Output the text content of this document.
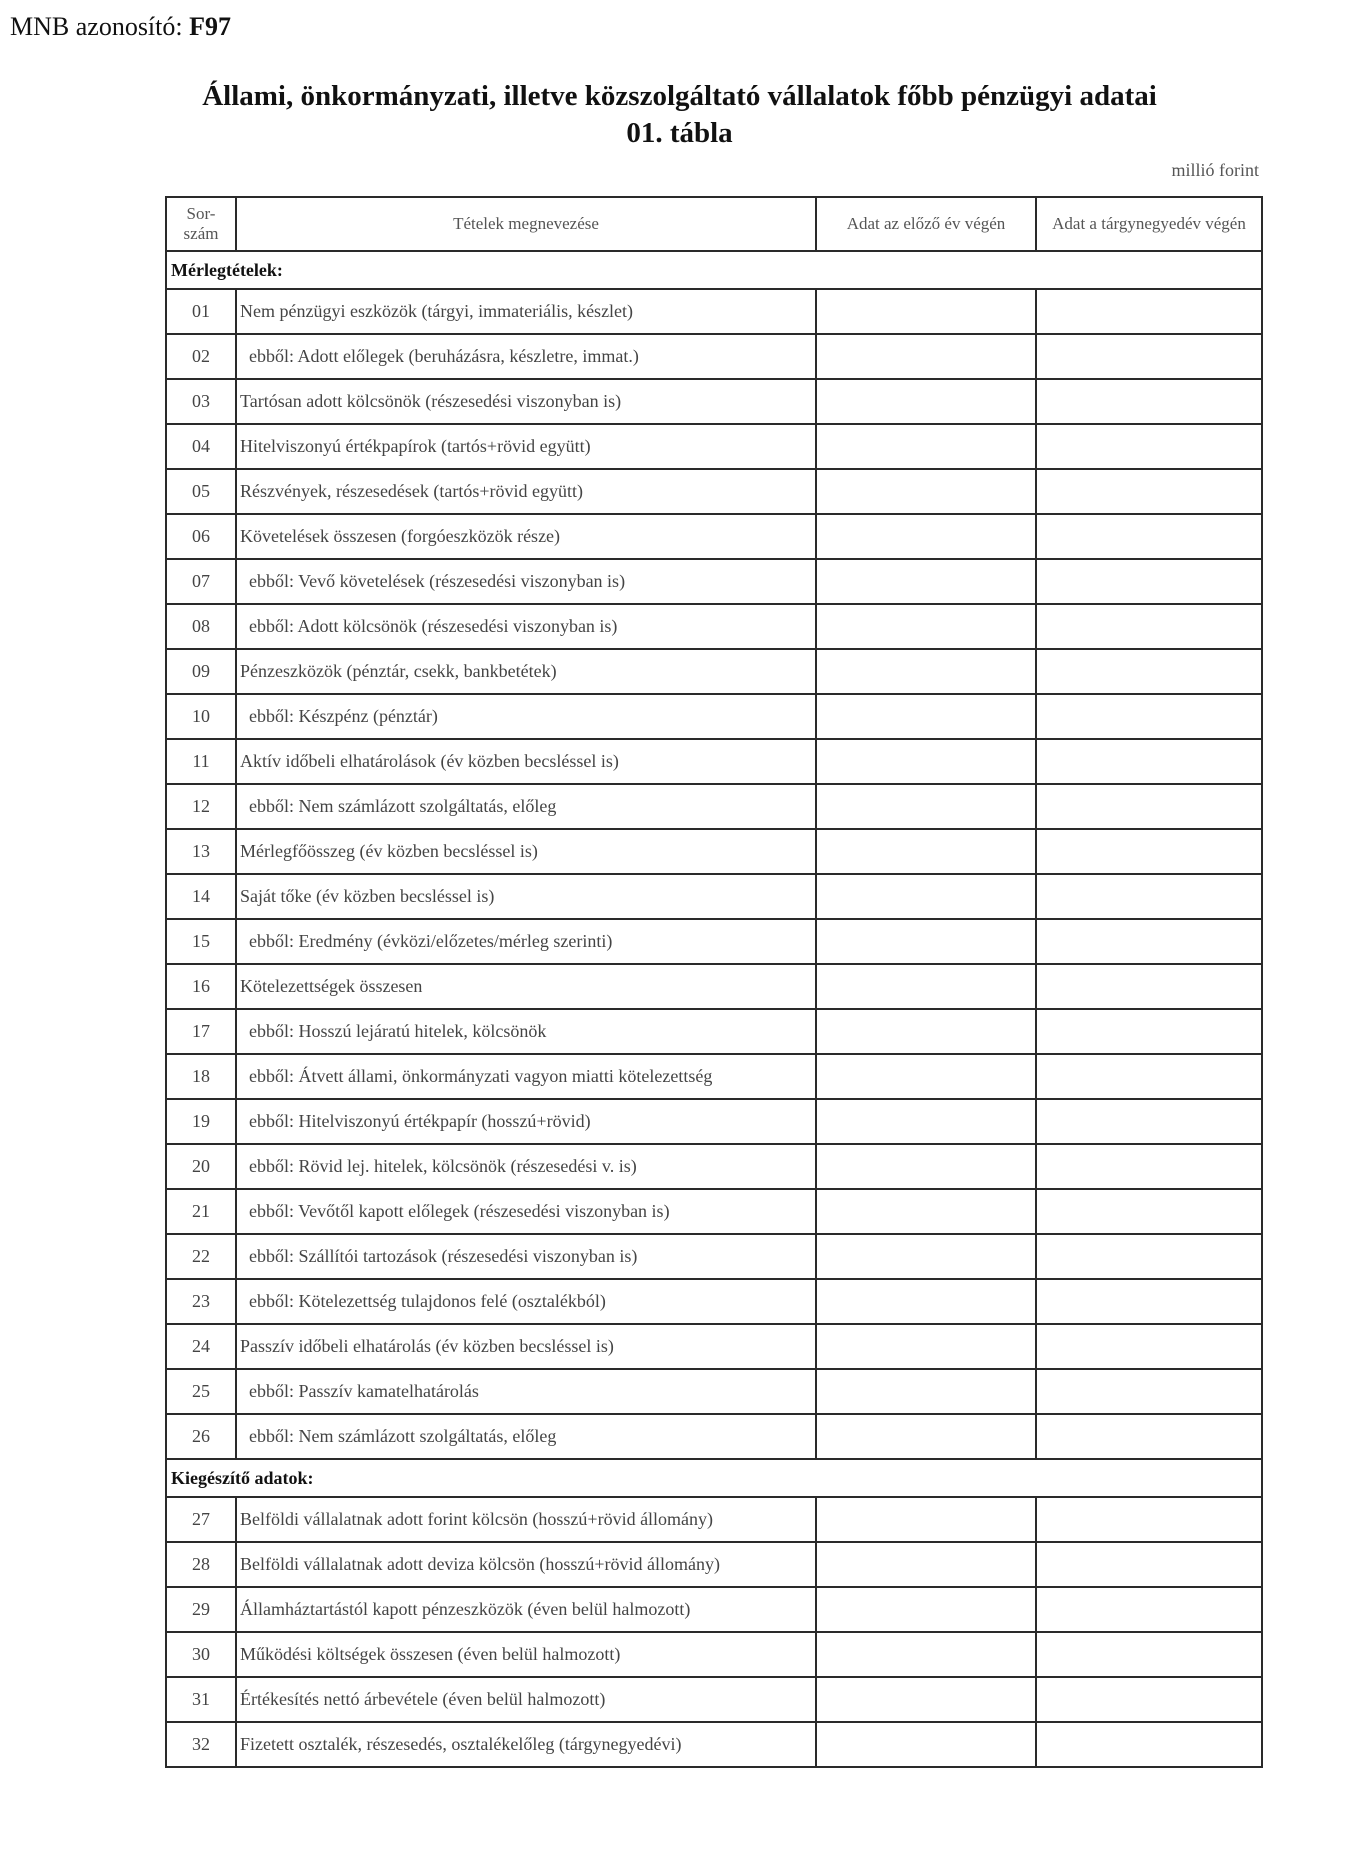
MNB azonosító: F97
Állami, önkormányzati, illetve közszolgáltató vállalatok főbb pénzügyi adatai
01. tábla
millió forint
Sor-
szám	Tételek megnevezése	Adat az előző év végén	Adat a tárgynegyedév végén
Mérlegtételek:			
01	Nem pénzügyi eszközök (tárgyi, immateriális, készlet)		
02	ebből: Adott előlegek (beruházásra, készletre, immat.)		
03	Tartósan adott kölcsönök (részesedési viszonyban is)		
04	Hitelviszonyú értékpapírok (tartós+rövid együtt)		
05	Részvények, részesedések (tartós+rövid együtt)		
06	Követelések összesen (forgóeszközök része)		
07	ebből: Vevő követelések (részesedési viszonyban is)		
08	ebből: Adott kölcsönök (részesedési viszonyban is)		
09	Pénzeszközök (pénztár, csekk, bankbetétek)		
10	ebből: Készpénz (pénztár)		
11	Aktív időbeli elhatárolások (év közben becsléssel is)		
12	ebből: Nem számlázott szolgáltatás, előleg		
13	Mérlegfőösszeg (év közben becsléssel is)		
14	Saját tőke (év közben becsléssel is)		
15	ebből: Eredmény (évközi/előzetes/mérleg szerinti)		
16	Kötelezettségek összesen		
17	ebből: Hosszú lejáratú hitelek, kölcsönök		
18	ebből: Átvett állami, önkormányzati vagyon miatti kötelezettség		
19	ebből: Hitelviszonyú értékpapír (hosszú+rövid)		
20	ebből: Rövid lej. hitelek, kölcsönök (részesedési v. is)		
21	ebből: Vevőtől kapott előlegek (részesedési viszonyban is)		
22	ebből: Szállítói tartozások (részesedési viszonyban is)		
23	ebből: Kötelezettség tulajdonos felé (osztalékból)		
24	Passzív időbeli elhatárolás (év közben becsléssel is)		
25	ebből: Passzív kamatelhatárolás		
26	ebből: Nem számlázott szolgáltatás, előleg		
Kiegészítő adatok:			
27	Belföldi vállalatnak adott forint kölcsön (hosszú+rövid állomány)		
28	Belföldi vállalatnak adott deviza kölcsön (hosszú+rövid állomány)		
29	Államháztartástól kapott pénzeszközök (éven belül halmozott)		
30	Működési költségek összesen (éven belül halmozott)		
31	Értékesítés nettó árbevétele (éven belül halmozott)		
32	Fizetett osztalék, részesedés, osztalékelőleg (tárgynegyedévi)		
